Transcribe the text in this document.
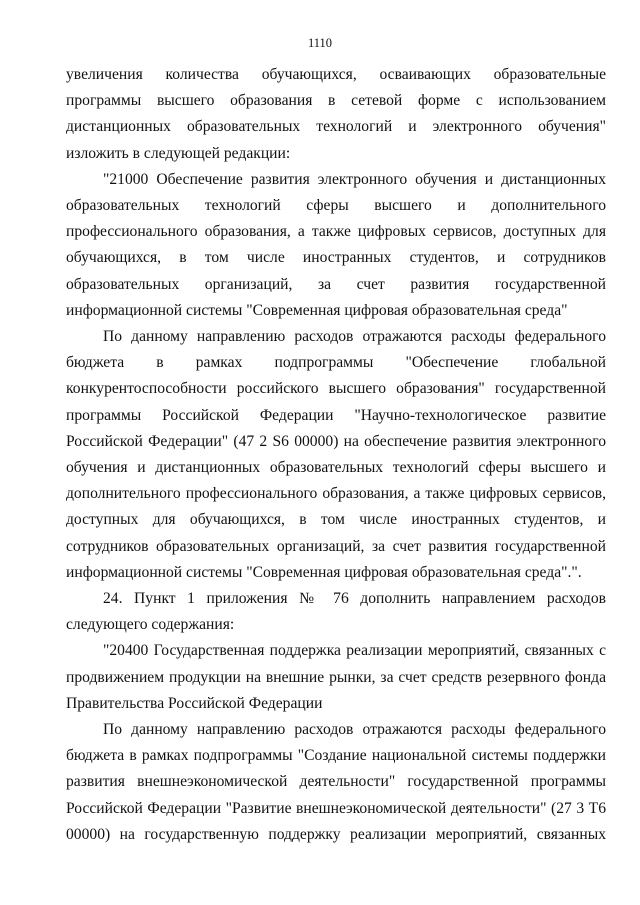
1110

увеличения количества обучающихся, осваивающих образовательные программы высшего образования в сетевой форме с использованием дистанционных образовательных технологий и электронного обучения" изложить в следующей редакции:

"21000 Обеспечение развития электронного обучения и дистанционных образовательных технологий сферы высшего и дополнительного профессионального образования, а также цифровых сервисов, доступных для обучающихся, в том числе иностранных студентов, и сотрудников образовательных организаций, за счет развития государственной информационной системы "Современная цифровая образовательная среда"

По данному направлению расходов отражаются расходы федерального бюджета в рамках подпрограммы "Обеспечение глобальной конкурентоспособности российского высшего образования" государственной программы Российской Федерации "Научно-технологическое развитие Российской Федерации" (47 2 S6 00000) на обеспечение развития электронного обучения и дистанционных образовательных технологий сферы высшего и дополнительного профессионального образования, а также цифровых сервисов, доступных для обучающихся, в том числе иностранных студентов, и сотрудников образовательных организаций, за счет развития государственной информационной системы "Современная цифровая образовательная среда".".

24. Пункт 1 приложения № 76 дополнить направлением расходов следующего содержания:

"20400 Государственная поддержка реализации мероприятий, связанных с продвижением продукции на внешние рынки, за счет средств резервного фонда Правительства Российской Федерации

По данному направлению расходов отражаются расходы федерального бюджета в рамках подпрограммы "Создание национальной системы поддержки развития внешнеэкономической деятельности" государственной программы Российской Федерации "Развитие внешнеэкономической деятельности" (27 3 Т6 00000) на государственную поддержку реализации мероприятий, связанных
